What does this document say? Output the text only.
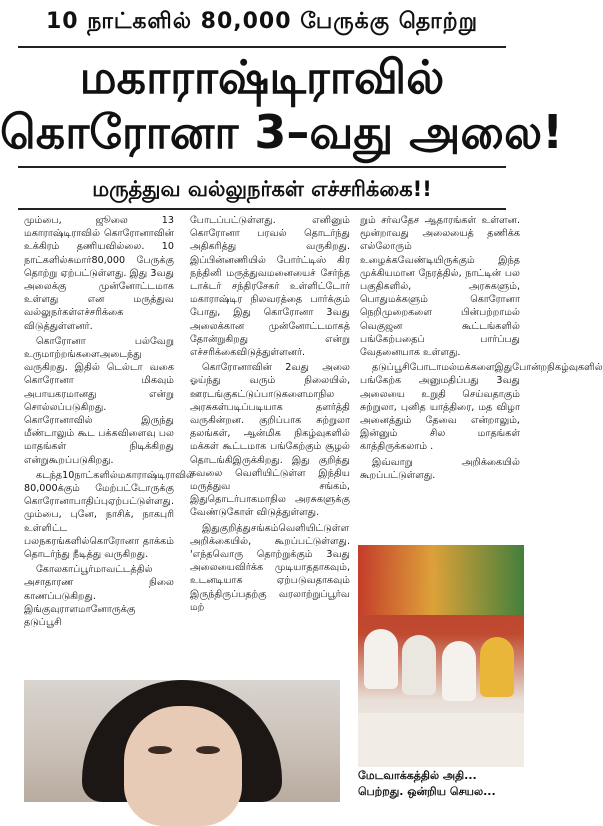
10 நாட்களில் 80,000 பேருக்கு தொற்று
மகாராஷ்டிராவில்
கொரோனா 3–வது அலை!
மருத்துவ வல்லுநர்கள் எச்சரிக்கை!!

மும்பை, ஜூலை 13 மகாராஷ்டிராவில் கொரோனாவின் உக்கிரம் தணியவில்லை. 10 நாட்களில்சுமார்80,000 பேருக்கு தொற்று ஏற்பட்டுள்ளது. இது 3வது அலைக்கு முன்னோட்டமாக உள்ளது என மருத்துவ வல்லுநர்கள்எச்சரிக்கை விடுத்துள்ளனர்.

கொரோனா பல்வேறு உருமாற்றங்களைஅடைந்து வருகிறது. இதில் டெல்டா வகை கொரோனா மிகவும் அபாயகரமானது என்று சொல்லப்படுகிறது. கொரோனாவில் இருந்து மீண்டாலும் கூட பக்கவிளைவு பல மாதங்கள் நிடிக்கிறது என்றுகூறப்படுகிறது.

கடந்த10நாட்களில்மகாராஷ்டிராவில் 80,000க்கும் மேற்பட்டோருக்கு கொரோனாபாதிப்புஏற்பட்டுள்ளது. மும்பை, புனே, நாசிக், நாகபுரி உள்ளிட்ட பலநகரங்களில்கொரோனா தாக்கம் தொடர்ந்து நீடித்து வருகிறது.

கோலகாப்பூர்மாவட்டத்தில் அசாதாரண நிலை காணப்படுகிறது. இங்குவுராளமானோருக்கு தடுப்பூசி

போடப்பட்டுள்ளது. எனினும் கொரோனா பரவல் தொடர்ந்து அதிகரித்து வருகிறது. இப்பின்னணியில் போர்ட்டிஸ் கிர நந்தினி மருத்துவமனையைச் சேர்ந்த டாக்டர் சந்திரசேகர் உள்ளிட்டோர் மகாராஷ்டிர நிலவரத்தை பார்க்கும் போது, இது கொரோனா 3வது அலைக்கான முன்னோட்டமாகத் தோன்றுகிறது என்று எச்சரிக்கைவிடுத்துள்ளனர்.

கொரோனாவின் 2வது அலை ஓய்ந்து வரும் நிலையில், ஊரடங்குகட்டுப்பாடுகளைமாநில அரசுகள்படிப்படியாக தளர்த்தி வருகின்றன. குறிப்பாக சுற்றுலா தலங்கள், ஆன்மிக நிகழ்வுகளில் மக்கள் கூட்டமாக பங்கேற்கும் சூழல் தொடங்கிஇருக்கிறது. இது குறித்து கவலை வெளியிட்டுள்ள இந்திய மருத்துவ சங்கம், இதுதொடர்பாகமாநில அரசுகளுக்கு வேண்டுகோள் விடுத்துள்ளது.

இதுகுறித்துசங்கம்வெளியிட்டுள்ள அறிக்கையில், கூறப்பட்டுள்ளது. 'எந்தவொரு தொற்றுக்கும் 3வது அலையைவிர்க்க முடியாததாகவும், உடனடியாக ஏற்படுவதாகவும் இருந்திருப்பதற்கு வரலாற்றுப்பூர்வ மற்

றும் சர்வதேச ஆதாரங்கள் உள்ளன. மூன்றாவது அலையைத் தணிக்க எல்லோரும் உழைக்கவேண்டியிருக்கும் இந்த முக்கியமான நேரத்தில், நாட்டின் பல பகுதிகளில், அரசுகளும், பொதுமக்களும் கொரோனா நெறிமுறைகளை பின்பற்றாமல் வெகுஜன கூட்டங்களில் பங்கேற்பதைப் பார்ப்பது வேதனையாக உள்ளது.

தடுப்பூசிபோடாமல்மக்களைஇதுபோன்றநிகழ்வுகளில் பங்கேற்க அனுமதிப்பது 3வது அலையை உறுதி செய்வதாகும் சுற்றுலா, புனித யாத்திரை, மத விழா அனைத்தும் தேவை என்றாலும், இன்னும் சில மாதங்கள் காத்திருக்கலாம் .

இவ்வாறு அறிக்கையில் கூறப்பட்டுள்ளது.

மேடவாக்கத்தில் அதி... பெற்றது. ஒன்றிய செயல...
